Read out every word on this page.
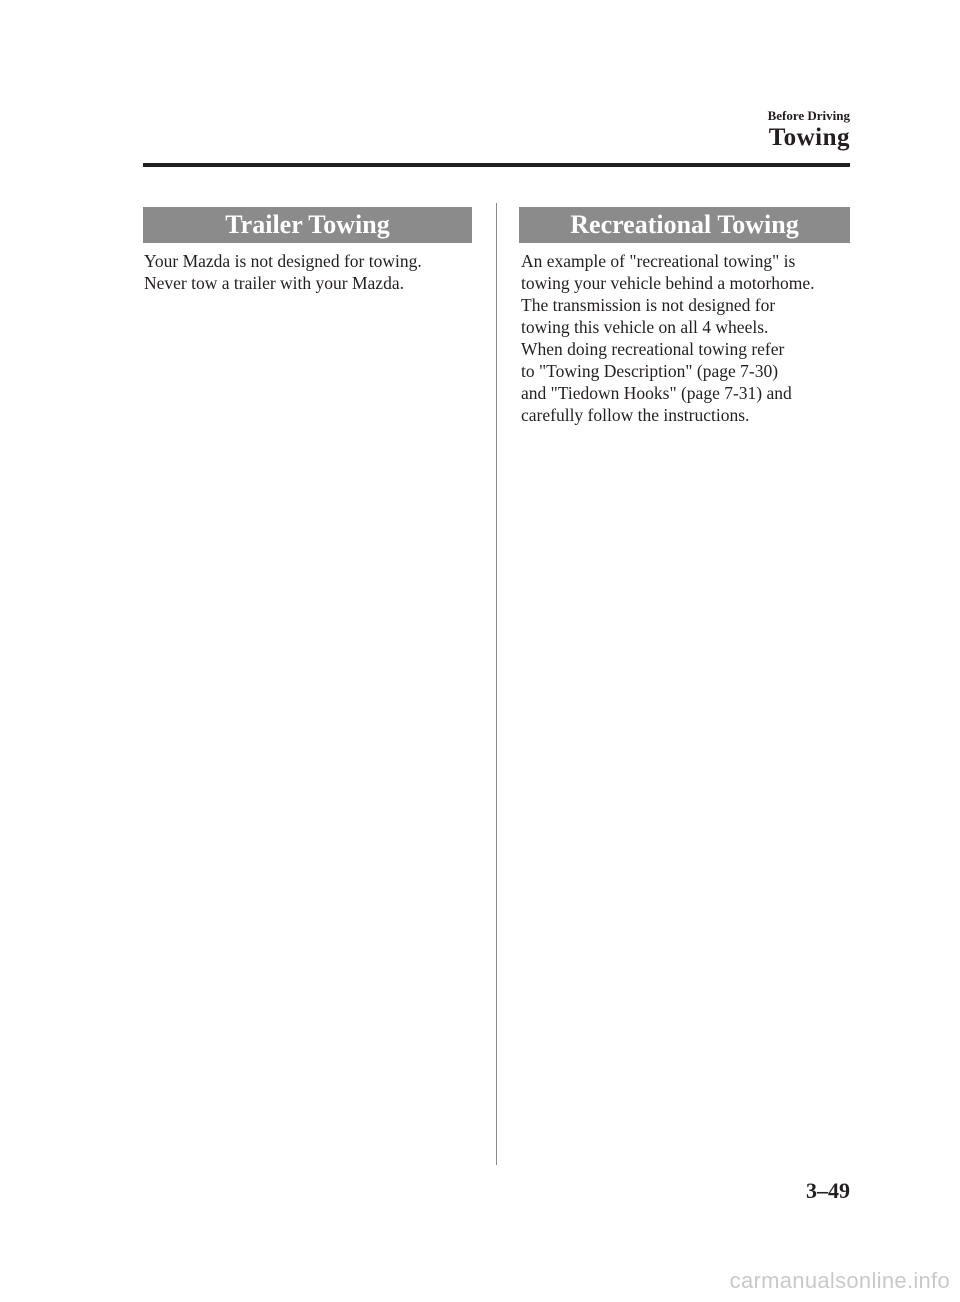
Before Driving
Towing
Trailer Towing
Your Mazda is not designed for towing.
Never tow a trailer with your Mazda.
Recreational Towing
An example of "recreational towing" is
towing your vehicle behind a motorhome.
The transmission is not designed for
towing this vehicle on all 4 wheels.
When doing recreational towing refer
to "Towing Description" (page 7-30)
and "Tiedown Hooks" (page 7-31) and
carefully follow the instructions.
3–49
carmanualsonline.info
